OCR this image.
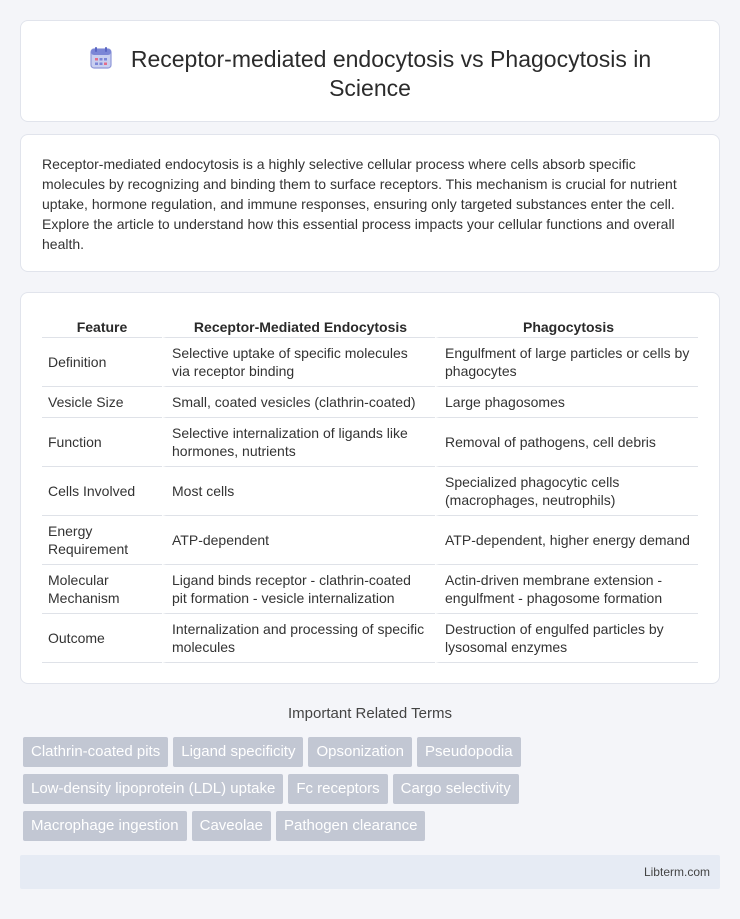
Receptor-mediated endocytosis vs Phagocytosis in
Science

Receptor-mediated endocytosis is a highly selective cellular process where cells absorb specific molecules by recognizing and binding them to surface receptors. This mechanism is crucial for nutrient uptake, hormone regulation, and immune responses, ensuring only targeted substances enter the cell. Explore the article to understand how this essential process impacts your cellular functions and overall health.

Feature	Receptor-Mediated Endocytosis	Phagocytosis
Definition	Selective uptake of specific molecules via receptor binding	Engulfment of large particles or cells by phagocytes
Vesicle Size	Small, coated vesicles (clathrin-coated)	Large phagosomes
Function	Selective internalization of ligands like hormones, nutrients	Removal of pathogens, cell debris
Cells Involved	Most cells	Specialized phagocytic cells (macrophages, neutrophils)
Energy Requirement	ATP-dependent	ATP-dependent, higher energy demand
Molecular Mechanism	Ligand binds receptor - clathrin-coated pit formation - vesicle internalization	Actin-driven membrane extension - engulfment - phagosome formation
Outcome	Internalization and processing of specific molecules	Destruction of engulfed particles by lysosomal enzymes
Important Related Terms
Clathrin-coated pits Ligand specificity Opsonization Pseudopodia
Low-density lipoprotein (LDL) uptake Fc receptors Cargo selectivity
Macrophage ingestion Caveolae Pathogen clearance
Libterm.com
